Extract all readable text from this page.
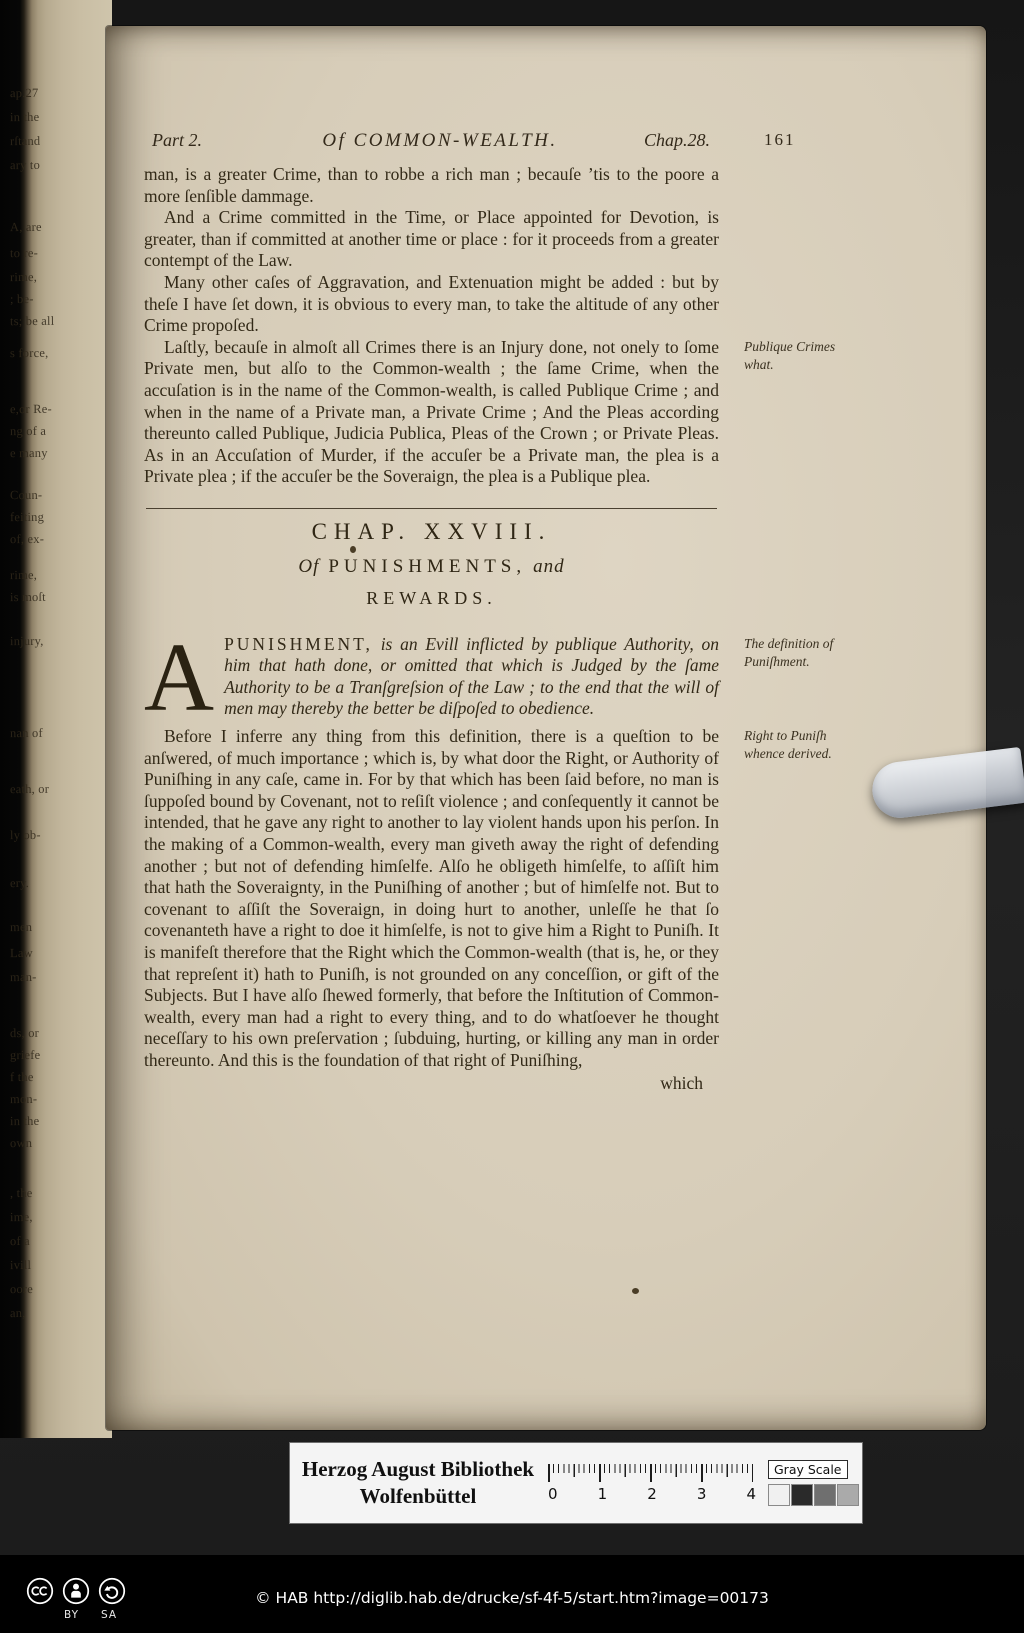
ap.27
in the
rſtand
ary to
A, are
to re-
rime,
; be-
ts; be all
s force,
e,or Re-
ng of a
e many
Coun-
feiting
of, ex-
rime,
is moſt
injury,
nan of
eath, or
ly ob-
ery.
men
Law
man-
ds, or
griefe
f the
mon-
in the
own
, the
ime,
of a
ivill
oore
an,
Part 2.	Of COMMON-WEALTH.	Chap.28.	161

man, is a greater Crime, than to robbe a rich man ; becauſe ’tis to the poore a more ſenſible dammage.

And a Crime committed in the Time, or Place appointed for Devotion, is greater, than if committed at another time or place : for it proceeds from a greater contempt of the Law.

Many other caſes of Aggravation, and Extenuation might be added : but by theſe I have ſet down, it is obvious to every man, to take the altitude of any other Crime propoſed.

Laſtly, becauſe in almoſt all Crimes there is an Injury done, not onely to ſome Private men, but alſo to the Common-wealth ; the ſame Crime, when the accuſation is in the name of the Common-wealth, is called Publique Crime ; and when in the name of a Private man, a Private Crime ; And the Pleas according thereunto called Publique, Judicia Publica, Pleas of the Crown ; or Private Pleas. As in an Accuſation of Murder, if the accuſer be a Private man, the plea is a Private plea ; if the accuſer be the Soveraign, the plea is a Publique plea.

Publique Crimes what.
CHAP. XXVIII.
Of PUNISHMENTS, and
REWARDS.
APUNISHMENT, is an Evill inflicted by publique Authority, on him that hath done, or omitted that which is Judged by the ſame Authority to be a Tranſgreſsion of the Law ; to the end that the will of men may thereby the better be diſpoſed to obedience.
The definition of Puniſhment.

Before I inferre any thing from this definition, there is a queſtion to be anſwered, of much importance ; which is, by what door the Right, or Authority of Puniſhing in any caſe, came in. For by that which has been ſaid before, no man is ſuppoſed bound by Covenant, not to reſiſt violence ; and conſequently it cannot be intended, that he gave any right to another to lay violent hands upon his perſon. In the making of a Common-wealth, every man giveth away the right of defending another ; but not of defending himſelfe. Alſo he obligeth himſelfe, to aſſiſt him that hath the Soveraignty, in the Puniſhing of another ; but of himſelfe not. But to covenant to aſſiſt the Soveraign, in doing hurt to another, unleſſe he that ſo covenanteth have a right to doe it himſelfe, is not to give him a Right to Puniſh. It is manifeſt therefore that the Right which the Common-wealth (that is, he, or they that repreſent it) hath to Puniſh, is not grounded on any conceſſion, or gift of the Subjects. But I have alſo ſhewed formerly, that before the Inſtitution of Common-wealth, every man had a right to every thing, and to do whatſoever he thought neceſſary to his own preſervation ; ſubduing, hurting, or killing any man in order thereunto. And this is the foundation of that right of Puniſhing,

Right to Puniſh whence derived.
which
Herzog August Bibliothek
Wolfenbüttel	0	1	2	3	4
Gray Scale
BY SA
© HAB http://diglib.hab.de/drucke/sf-4f-5/start.htm?image=00173
